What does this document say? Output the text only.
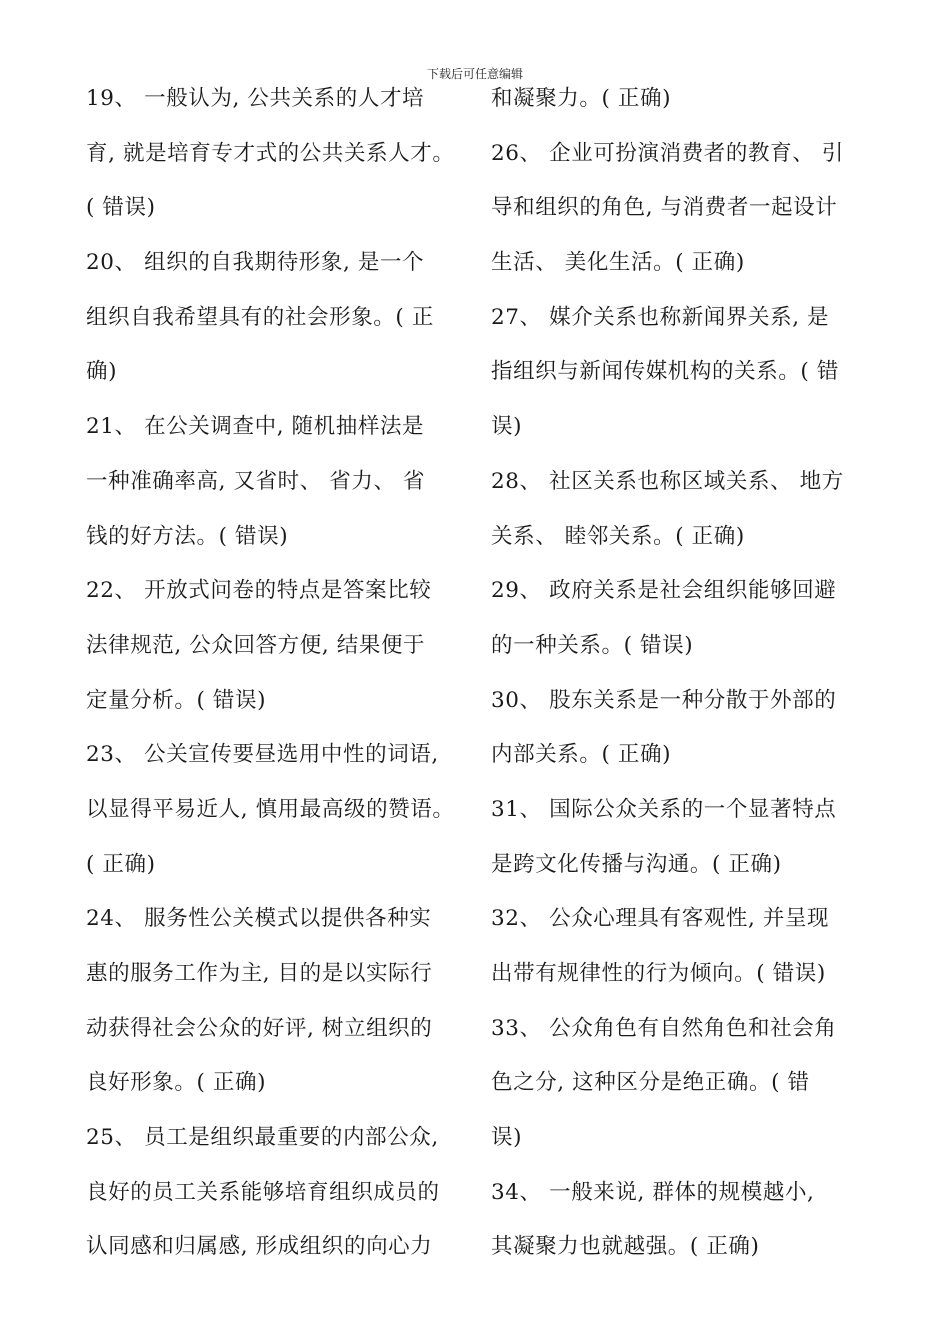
下载后可任意编辑
19、 一般认为, 公共关系的人才培
育, 就是培育专才式的公共关系人才。
( 错误)
20、 组织的自我期待形象, 是一个
组织自我希望具有的社会形象。( 正
确)
21、 在公关调查中, 随机抽样法是
一种准确率高, 又省时、 省力、 省
钱的好方法。( 错误)
22、 开放式问卷的特点是答案比较
法律规范, 公众回答方便, 结果便于
定量分析。( 错误)
23、 公关宣传要昼选用中性的词语,
以显得平易近人, 慎用最高级的赞语。
( 正确)
24、 服务性公关模式以提供各种实
惠的服务工作为主, 目的是以实际行
动获得社会公众的好评, 树立组织的
良好形象。( 正确)
25、 员工是组织最重要的内部公众,
良好的员工关系能够培育组织成员的
认同感和归属感, 形成组织的向心力
和凝聚力。( 正确)
26、 企业可扮演消费者的教育、 引
导和组织的角色, 与消费者一起设计
生活、 美化生活。( 正确)
27、 媒介关系也称新闻界关系, 是
指组织与新闻传媒机构的关系。( 错
误)
28、 社区关系也称区域关系、 地方
关系、 睦邻关系。( 正确)
29、 政府关系是社会组织能够回避
的一种关系。( 错误)
30、 股东关系是一种分散于外部的
内部关系。( 正确)
31、 国际公众关系的一个显著特点
是跨文化传播与沟通。( 正确)
32、 公众心理具有客观性, 并呈现
出带有规律性的行为倾向。( 错误)
33、 公众角色有自然角色和社会角
色之分, 这种区分是绝正确。( 错
误)
34、 一般来说, 群体的规模越小,
其凝聚力也就越强。( 正确)
